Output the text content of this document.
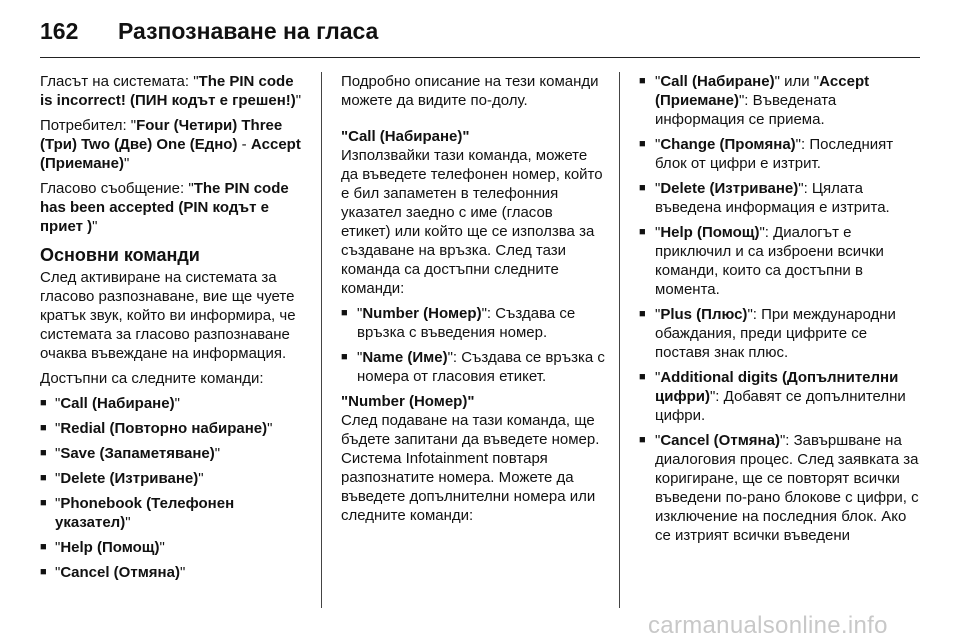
162 Разпознаване на гласа

Гласът на системата: "The PIN code is incorrect! (ПИН кодът е грешен!)"

Потребител: "Four (Четири) Three (Три) Two (Две) One (Едно) - Accept (Приемане)"

Гласово съобщение: "The PIN code has been accepted (PIN кодът е приет )"

Основни команди

След активиране на системата за гласово разпознаване, вие ще чуете кратък звук, който ви информира, че системата за гласово разпознаване очаква въвеждане на информация.

Достъпни са следните команди:

■ "Call (Набиране)"
■ "Redial (Повторно набиране)"
■ "Save (Запаметяване)"
■ "Delete (Изтриване)"
■ "Phonebook (Телефонен указател)"
■ "Help (Помощ)"
■ "Cancel (Отмяна)"

Подробно описание на тези команди можете да видите по-долу.

"Call (Набиране)"

Използвайки тази команда, можете да въведете телефонен номер, който е бил запаметен в телефонния указател заедно с име (гласов етикет) или който ще се използва за създаване на връзка. След тази команда са достъпни следните команди:

■ "Number (Номер)": Създава се връзка с въведения номер.
■ "Name (Име)": Създава се връзка с номера от гласовия етикет.

"Number (Номер)"

След подаване на тази команда, ще бъдете запитани да въведете номер. Система Infotainment повтаря разпознатите номера. Можете да въведете допълнителни номера или следните команди:

■ "Call (Набиране)" или "Accept (Приемане)": Въведената информация се приема.
■ "Change (Промяна)": Последният блок от цифри е изтрит.
■ "Delete (Изтриване)": Цялата въведена информация е изтрита.
■ "Help (Помощ)": Диалогът е приключил и са изброени всички команди, които са достъпни в момента.
■ "Plus (Плюс)": При международни обаждания, преди цифрите се поставя знак плюс.
■ "Additional digits (Допълнителни цифри)": Добавят се допълнителни цифри.
■ "Cancel (Отмяна)": Завършване на диалоговия процес. След заявката за коригиране, ще се повторят всички въведени по-рано блокове с цифри, с изключение на последния блок. Ако се изтрият всички въведени
carmanualsonline.info
